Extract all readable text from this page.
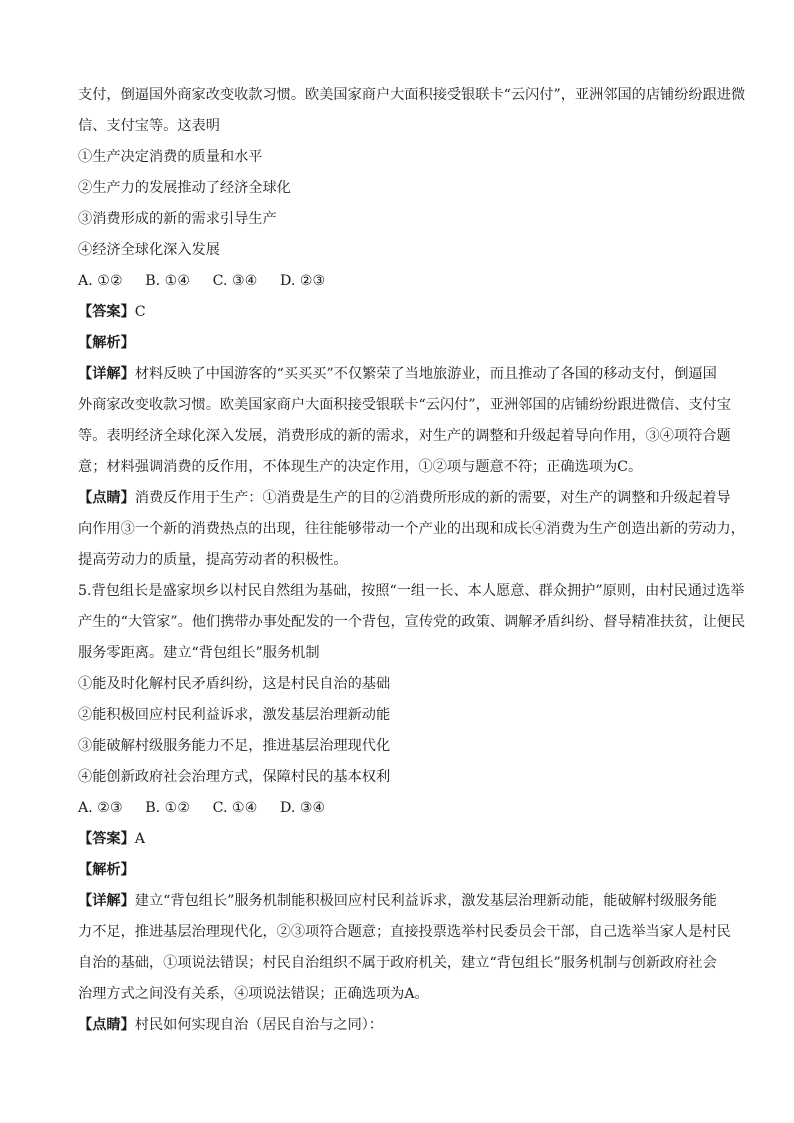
支付，倒逼国外商家改变收款习惯。欧美国家商户大面积接受银联卡“云闪付”，亚洲邻国的店铺纷纷跟进微

信、支付宝等。这表明

①生产决定消费的质量和水平

②生产力的发展推动了经济全球化

③消费形成的新的需求引导生产

④经济全球化深入发展

A. ①② B. ①④ C. ③④ D. ②③

【答案】C

【解析】

【详解】材料反映了中国游客的“买买买”不仅繁荣了当地旅游业，而且推动了各国的移动支付，倒逼国

外商家改变收款习惯。欧美国家商户大面积接受银联卡“云闪付”，亚洲邻国的店铺纷纷跟进微信、支付宝

等。表明经济全球化深入发展，消费形成的新的需求，对生产的调整和升级起着导向作用，③④项符合题

意；材料强调消费的反作用，不体现生产的决定作用，①②项与题意不符；正确选项为C。

【点睛】消费反作用于生产：①消费是生产的目的②消费所形成的新的需要，对生产的调整和升级起着导

向作用③一个新的消费热点的出现，往往能够带动一个产业的出现和成长④消费为生产创造出新的劳动力，

提高劳动力的质量，提高劳动者的积极性。

5.背包组长是盛家坝乡以村民自然组为基础，按照“一组一长、本人愿意、群众拥护”原则，由村民通过选举

产生的“大管家”。他们携带办事处配发的一个背包，宣传党的政策、调解矛盾纠纷、督导精准扶贫，让便民

服务零距离。建立“背包组长”服务机制

①能及时化解村民矛盾纠纷，这是村民自治的基础

②能积极回应村民利益诉求，激发基层治理新动能

③能破解村级服务能力不足，推进基层治理现代化

④能创新政府社会治理方式，保障村民的基本权利

A. ②③ B. ①② C. ①④ D. ③④

【答案】A

【解析】

【详解】建立“背包组长”服务机制能积极回应村民利益诉求，激发基层治理新动能，能破解村级服务能

力不足，推进基层治理现代化，②③项符合题意；直接投票选举村民委员会干部，自己选举当家人是村民

自治的基础，①项说法错误；村民自治组织不属于政府机关，建立“背包组长”服务机制与创新政府社会

治理方式之间没有关系，④项说法错误；正确选项为A。

【点睛】村民如何实现自治（居民自治与之同）：
